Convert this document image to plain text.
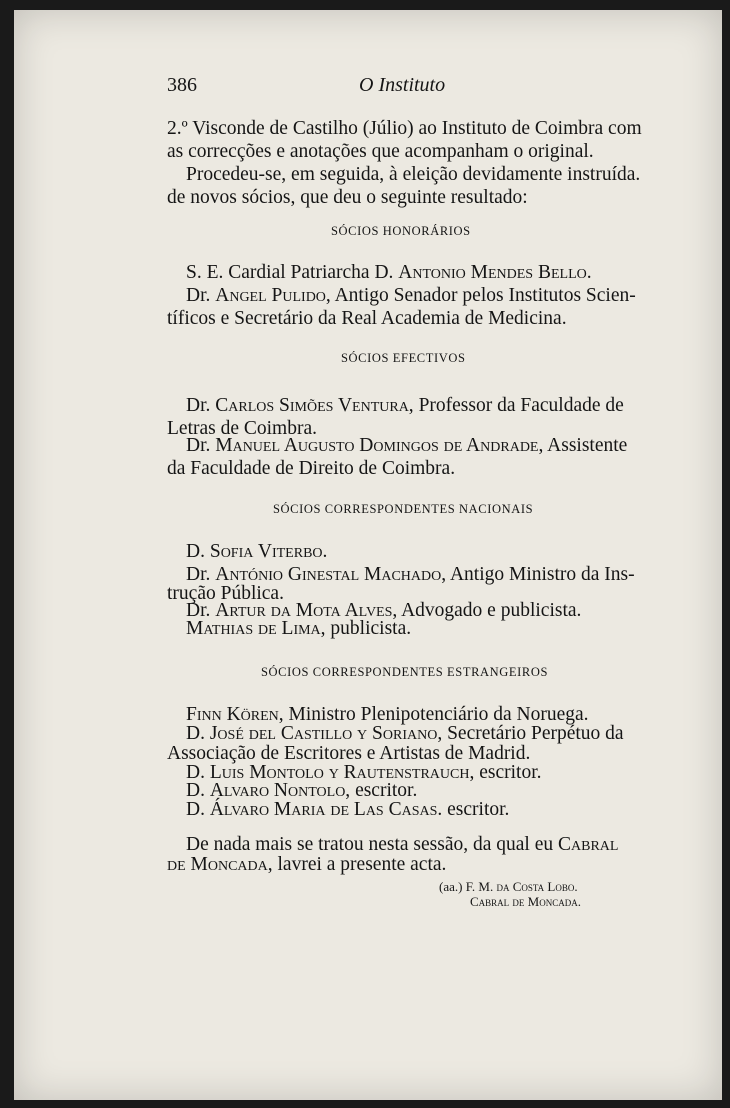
386	O Instituto
2.º Visconde de Castilho (Júlio) ao Instituto de Coimbra com
as correcções e anotações que acompanham o original.
Procedeu-se, em seguida, à eleição devidamente instruída.
de novos sócios, que deu o seguinte resultado:
SÓCIOS HONORÁRIOS
S. E. Cardial Patriarcha D. Antonio Mendes Bello.
Dr. Angel Pulido, Antigo Senador pelos Institutos Scien-
tíficos e Secretário da Real Academia de Medicina.
SÓCIOS EFECTIVOS
Dr. Carlos Simões Ventura, Professor da Faculdade de
Letras de Coimbra.
Dr. Manuel Augusto Domingos de Andrade, Assistente
da Faculdade de Direito de Coimbra.
SÓCIOS CORRESPONDENTES NACIONAIS
D. Sofia Viterbo.
Dr. António Ginestal Machado, Antigo Ministro da Ins-
trução Pública.
Dr. Artur da Mota Alves, Advogado e publicista.
Mathias de Lima, publicista.
SÓCIOS CORRESPONDENTES ESTRANGEIROS
Finn Kören, Ministro Plenipotenciário da Noruega.
D. José del Castillo y Soriano, Secretário Perpétuo da
Associação de Escritores e Artistas de Madrid.
D. Luis Montolo y Rautenstrauch, escritor.
D. Alvaro Nontolo, escritor.
D. Álvaro Maria de Las Casas. escritor.
De nada mais se tratou nesta sessão, da qual eu Cabral
de Moncada, lavrei a presente acta.
(aa.) F. M. da Costa Lobo.
Cabral de Moncada.
